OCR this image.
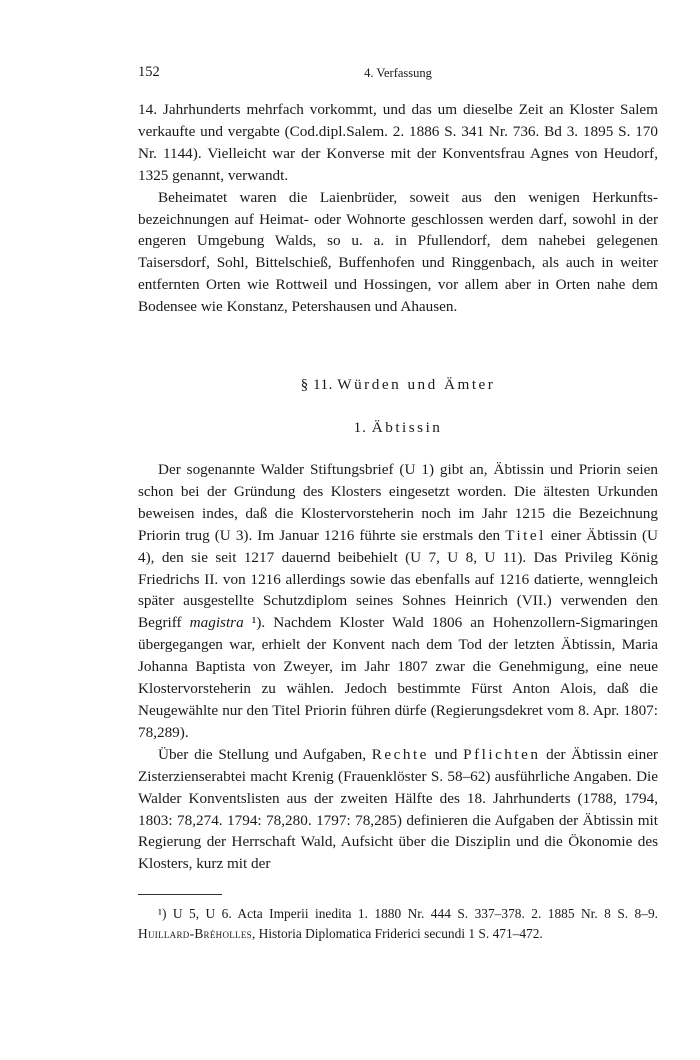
152	4. Verfassung

14. Jahrhunderts mehrfach vorkommt, und das um dieselbe Zeit an Kloster Salem verkaufte und vergabte (Cod.dipl.Salem. 2. 1886 S. 341 Nr. 736. Bd 3. 1895 S. 170 Nr. 1144). Vielleicht war der Konverse mit der Konventsfrau Agnes von Heudorf, 1325 genannt, verwandt.

Beheimatet waren die Laienbrüder, soweit aus den wenigen Herkunftsbezeichnungen auf Heimat- oder Wohnorte geschlossen werden darf, sowohl in der engeren Umgebung Walds, so u. a. in Pfullendorf, dem nahebei gelegenen Taisersdorf, Sohl, Bittelschieß, Buffenhofen und Ringgenbach, als auch in weiter entfernten Orten wie Rottweil und Hossingen, vor allem aber in Orten nahe dem Bodensee wie Konstanz, Petershausen und Ahausen.

§ 11. Würden und Ämter
1. Äbtissin

Der sogenannte Walder Stiftungsbrief (U 1) gibt an, Äbtissin und Priorin seien schon bei der Gründung des Klosters eingesetzt worden. Die ältesten Urkunden beweisen indes, daß die Klostervorsteherin noch im Jahr 1215 die Bezeichnung Priorin trug (U 3). Im Januar 1216 führte sie erstmals den Titel einer Äbtissin (U 4), den sie seit 1217 dauernd beibehielt (U 7, U 8, U 11). Das Privileg König Friedrichs II. von 1216 allerdings sowie das ebenfalls auf 1216 datierte, wenngleich später ausgestellte Schutzdiplom seines Sohnes Heinrich (VII.) verwenden den Begriff magistra ¹). Nachdem Kloster Wald 1806 an Hohenzollern-Sigmaringen übergegangen war, erhielt der Konvent nach dem Tod der letzten Äbtissin, Maria Johanna Baptista von Zweyer, im Jahr 1807 zwar die Genehmigung, eine neue Klostervorsteherin zu wählen. Jedoch bestimmte Fürst Anton Alois, daß die Neugewählte nur den Titel Priorin führen dürfe (Regierungsdekret vom 8. Apr. 1807: 78,289).

Über die Stellung und Aufgaben, Rechte und Pflichten der Äbtissin einer Zisterzienserabtei macht Krenig (Frauenklöster S. 58–62) ausführliche Angaben. Die Walder Konventslisten aus der zweiten Hälfte des 18. Jahrhunderts (1788, 1794, 1803: 78,274. 1794: 78,280. 1797: 78,285) definieren die Aufgaben der Äbtissin mit Regierung der Herrschaft Wald, Aufsicht über die Disziplin und die Ökonomie des Klosters, kurz mit der

¹) U 5, U 6. Acta Imperii inedita 1. 1880 Nr. 444 S. 337–378. 2. 1885 Nr. 8 S. 8–9. Huillard-Bréholles, Historia Diplomatica Friderici secundi 1 S. 471–472.
